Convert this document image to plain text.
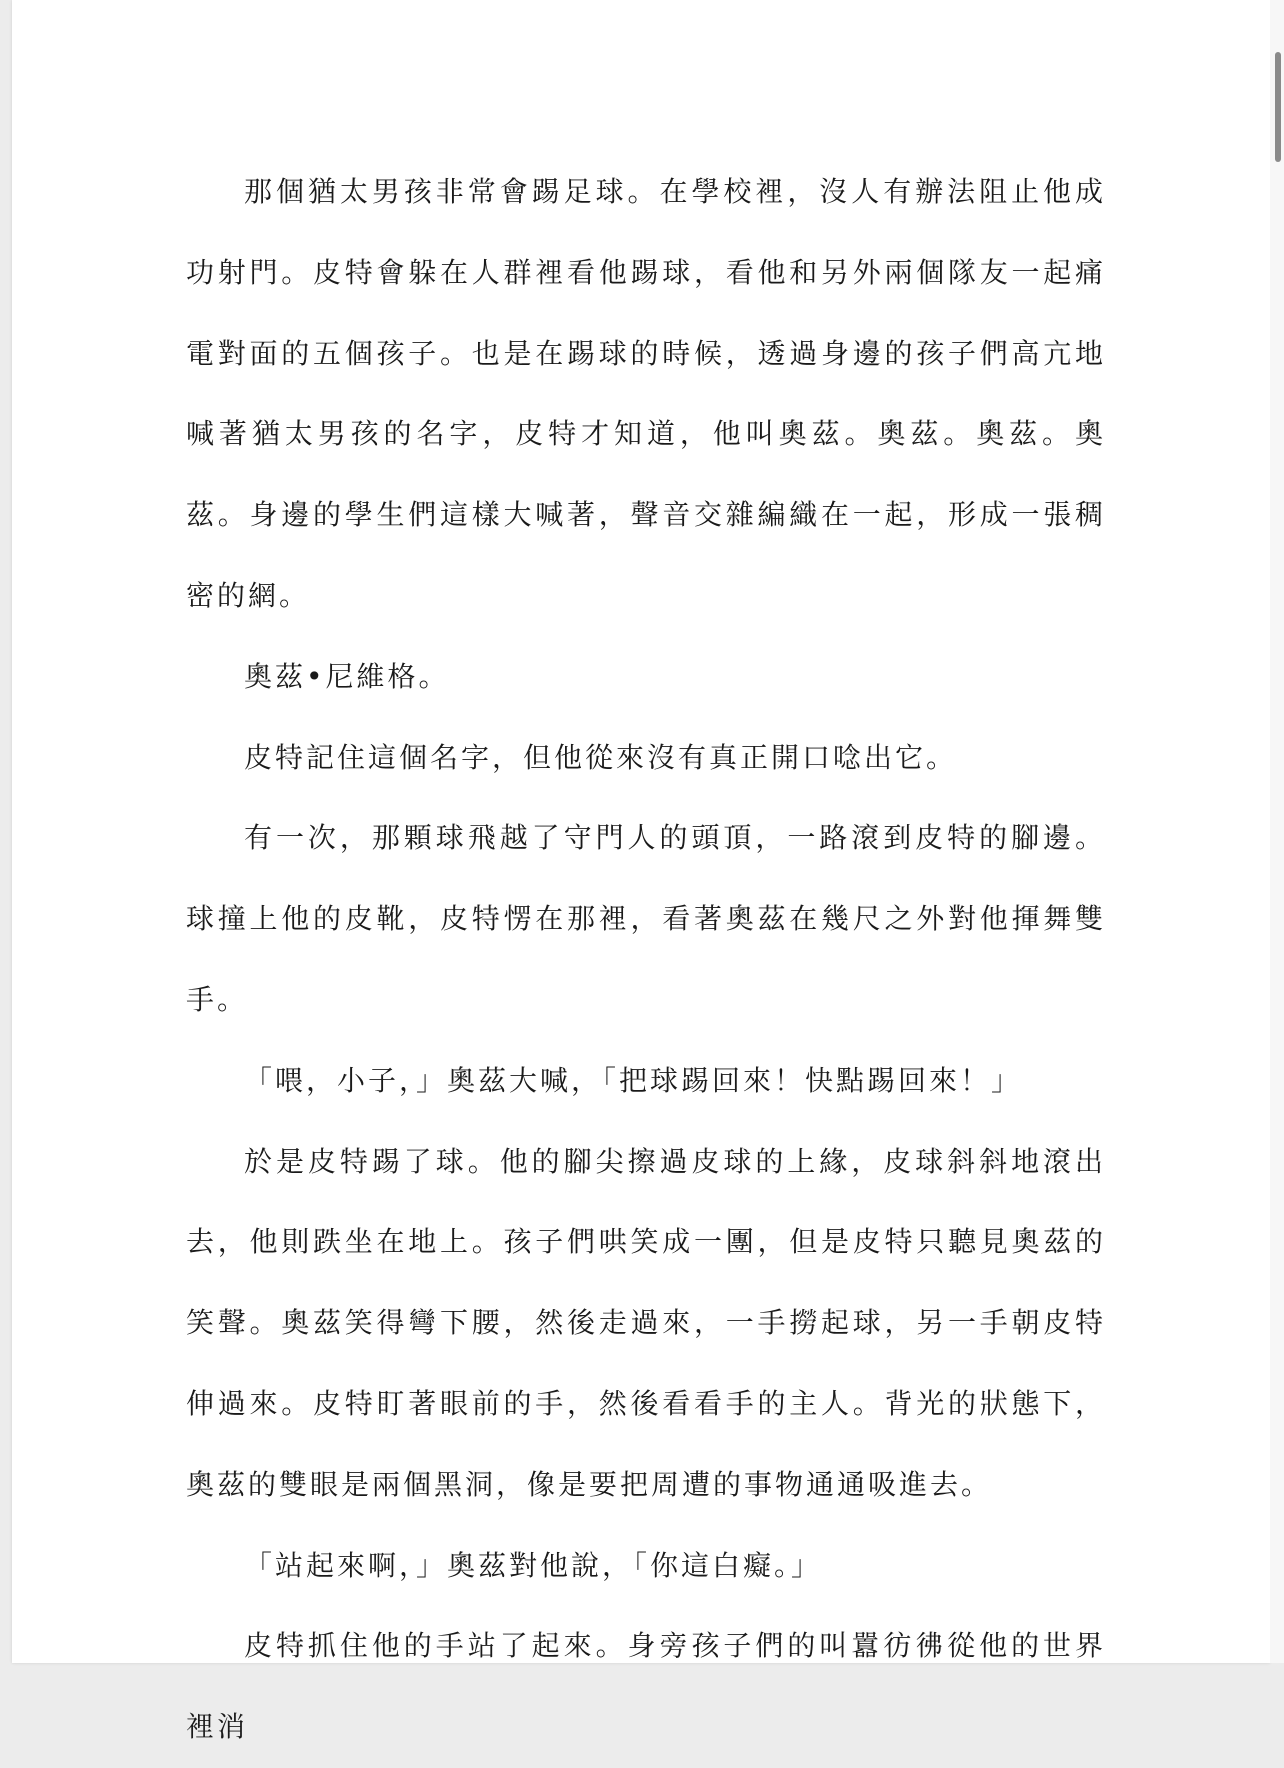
那個猶太男孩非常會踢足球。在學校裡，沒人有辦法阻止他成功射門。皮特會躲在人群裡看他踢球，看他和另外兩個隊友一起痛電對面的五個孩子。也是在踢球的時候，透過身邊的孩子們高亢地喊著猶太男孩的名字，皮特才知道，他叫奧茲。奧茲。奧茲。奧茲。身邊的學生們這樣大喊著，聲音交雜編織在一起，形成一張稠密的網。

奧茲•尼維格。

皮特記住這個名字，但他從來沒有真正開口唸出它。

有一次，那顆球飛越了守門人的頭頂，一路滾到皮特的腳邊。球撞上他的皮靴，皮特愣在那裡，看著奧茲在幾尺之外對他揮舞雙手。

「喂，小子，」奧茲大喊，「把球踢回來！快點踢回來！」

於是皮特踢了球。他的腳尖擦過皮球的上緣，皮球斜斜地滾出去，他則跌坐在地上。孩子們哄笑成一團，但是皮特只聽見奧茲的笑聲。奧茲笑得彎下腰，然後走過來，一手撈起球，另一手朝皮特伸過來。皮特盯著眼前的手，然後看看手的主人。背光的狀態下，奧茲的雙眼是兩個黑洞，像是要把周遭的事物通通吸進去。

「站起來啊，」奧茲對他說，「你這白癡。」

皮特抓住他的手站了起來。身旁孩子們的叫囂彷彿從他的世界裡消
